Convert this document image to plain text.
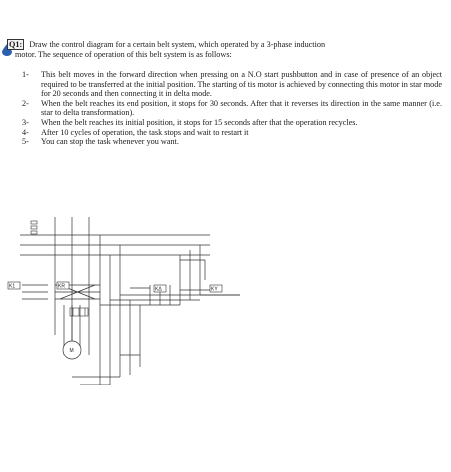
Q1: Draw the control diagram for a certain belt system, which operated by a 3-phase induction
motor. The sequence of operation of this belt system is as follows:
1- This belt moves in the forward direction when pressing on a N.O start pushbutton and in case of presence of an object required to be transferred at the initial position. The starting of tis motor is achieved by connecting this motor in star mode for 20 seconds and then connecting it in delta mode.
2- When the belt reaches its end position, it stops for 30 seconds. After that it reverses its direction in the same manner (i.e. star to delta transformation).
3- When the belt reaches its initial position, it stops for 15 seconds after that the operation recycles.
4- After 10 cycles of operation, the task stops and wait to restart it
5- You can stop the task whenever you want.
K1	KR	KΔ	KY
M
